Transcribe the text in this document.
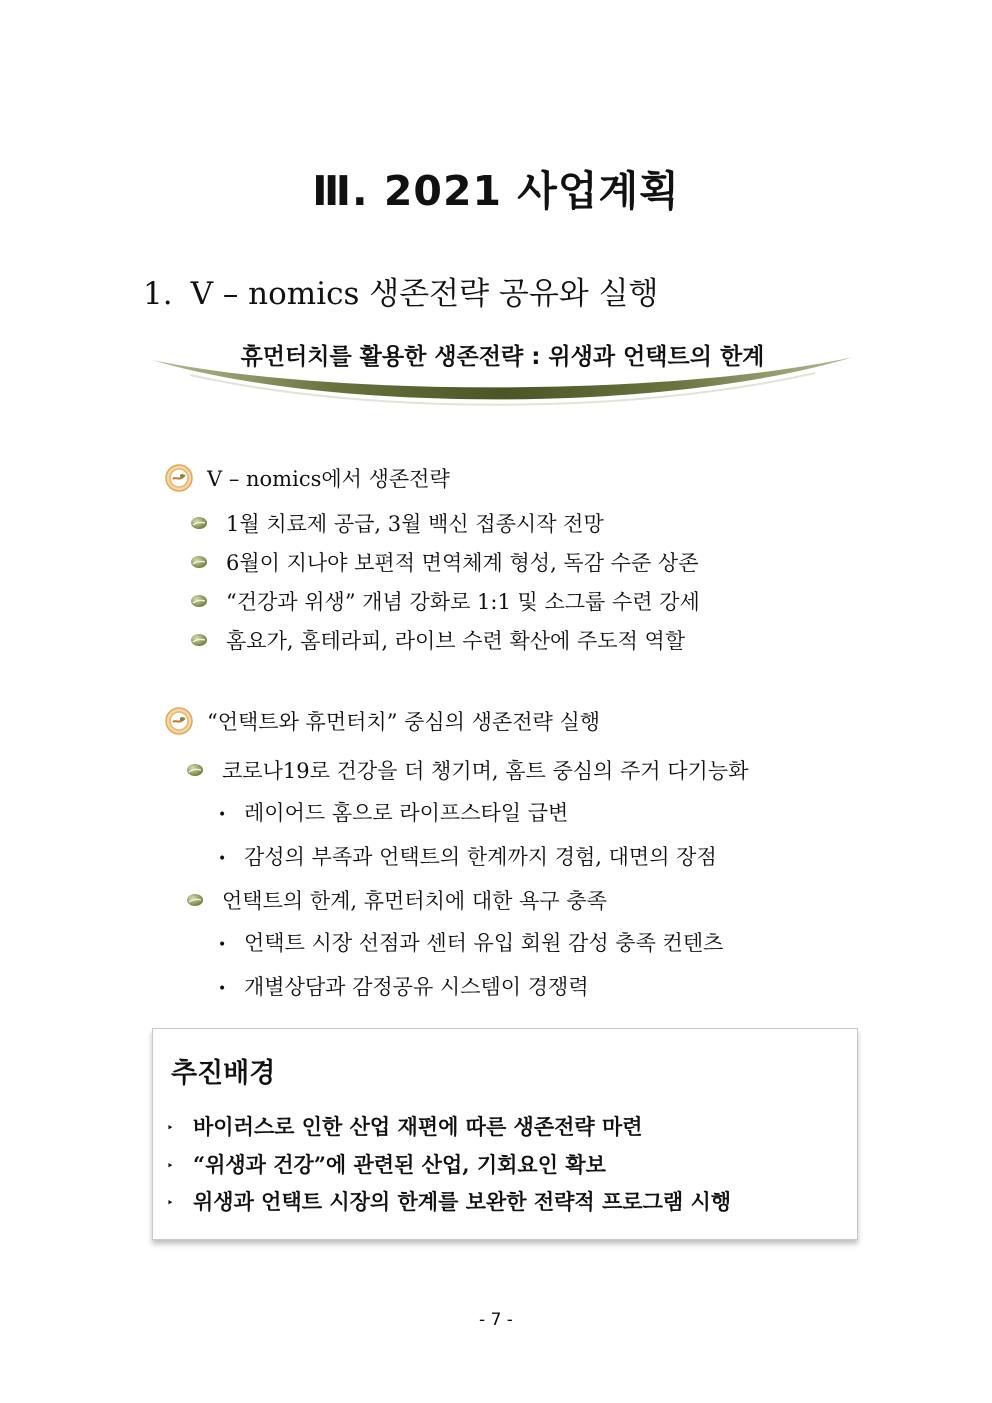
Ⅲ. 2021 사업계획
1. V – nomics 생존전략 공유와 실행
휴먼터치를 활용한 생존전략 : 위생과 언택트의 한계
V – nomics에서 생존전략
1월 치료제 공급, 3월 백신 접종시작 전망
6월이 지나야 보편적 면역체계 형성, 독감 수준 상존
“건강과 위생” 개념 강화로 1:1 및 소그룹 수련 강세
홈요가, 홈테라피, 라이브 수련 확산에 주도적 역할
“언택트와 휴먼터치” 중심의 생존전략 실행
코로나19로 건강을 더 챙기며, 홈트 중심의 주거 다기능화
• 레이어드 홈으로 라이프스타일 급변
• 감성의 부족과 언택트의 한계까지 경험, 대면의 장점
언택트의 한계, 휴먼터치에 대한 욕구 충족
• 언택트 시장 선점과 센터 유입 회원 감성 충족 컨텐츠
• 개별상담과 감정공유 시스템이 경쟁력
추진배경
‣ 바이러스로 인한 산업 재편에 따른 생존전략 마련
‣ “위생과 건강”에 관련된 산업, 기회요인 확보
‣ 위생과 언택트 시장의 한계를 보완한 전략적 프로그램 시행
- 7 -
